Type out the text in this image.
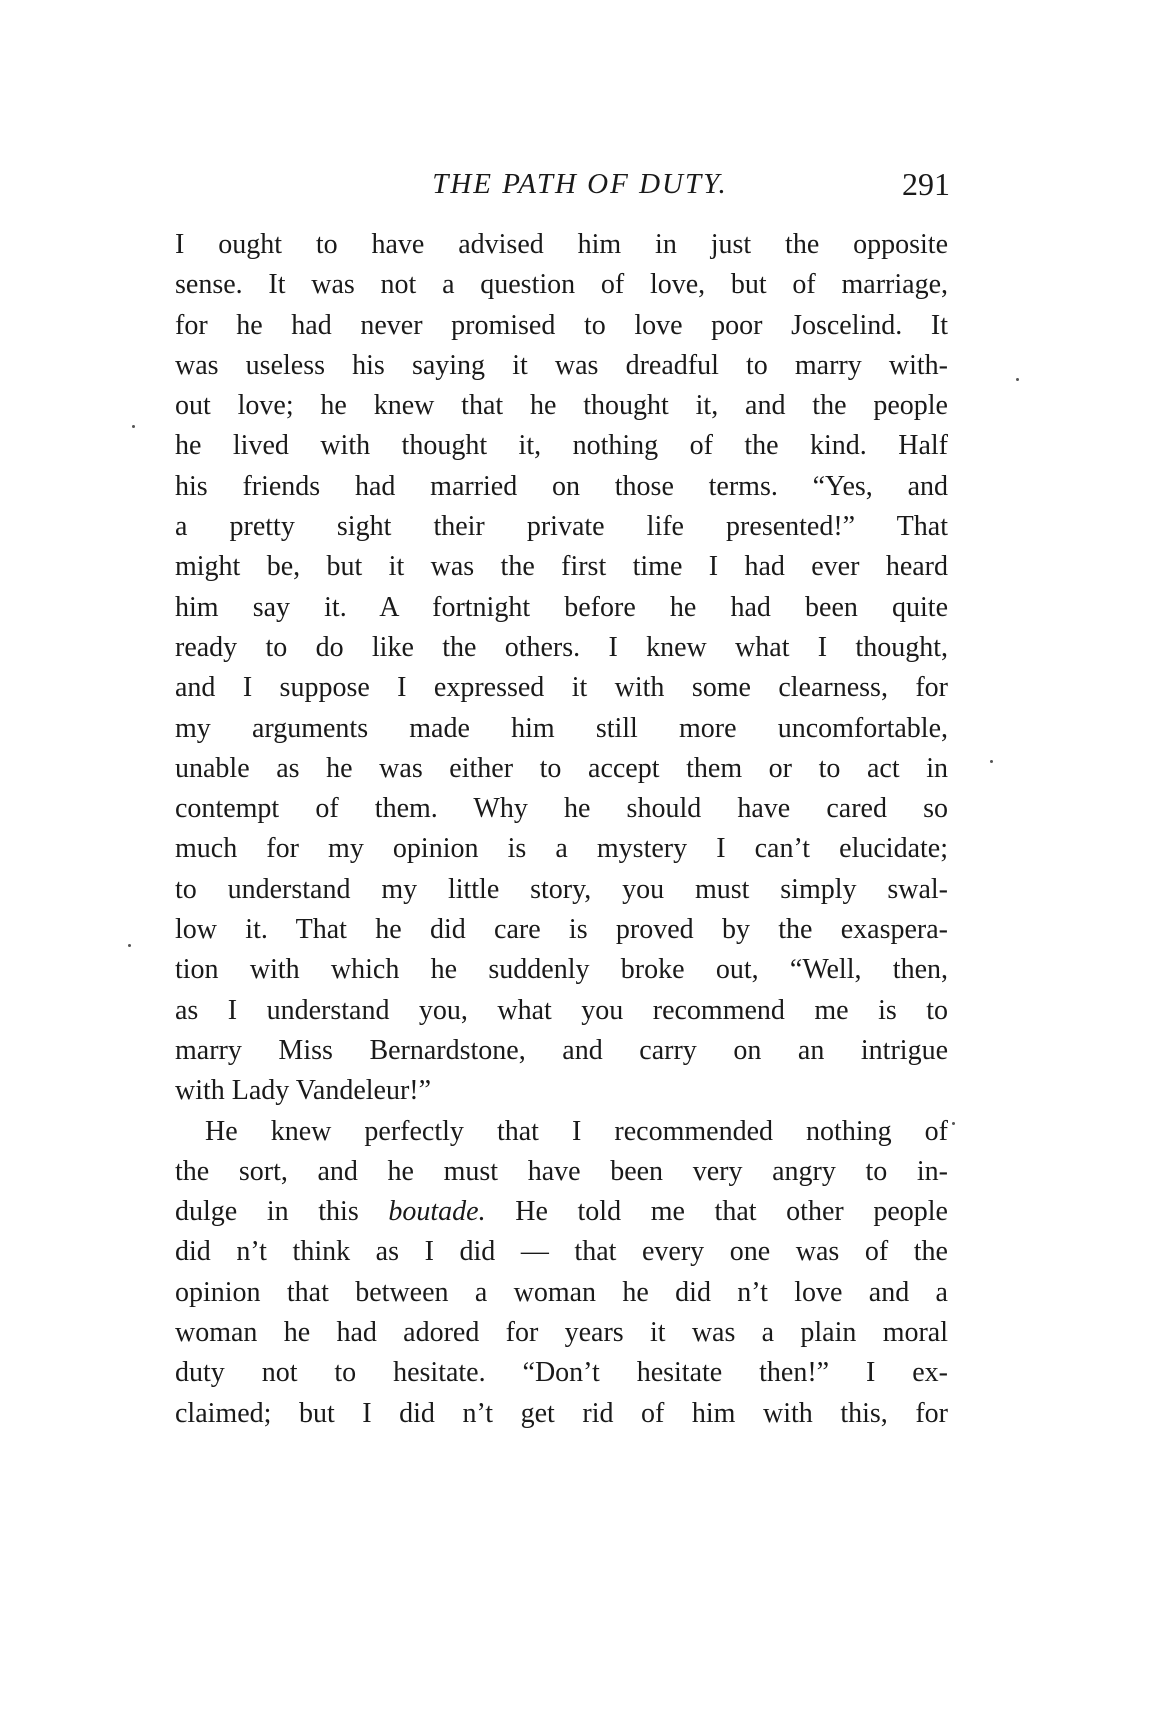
THE PATH OF DUTY.	291
I ought to have advised him in just the opposite
sense. It was not a question of love, but of marriage,
for he had never promised to love poor Joscelind. It
was useless his saying it was dreadful to marry with-
out love; he knew that he thought it, and the people
he lived with thought it, nothing of the kind. Half
his friends had married on those terms. “Yes, and
a pretty sight their private life presented!” That
might be, but it was the first time I had ever heard
him say it. A fortnight before he had been quite
ready to do like the others. I knew what I thought,
and I suppose I expressed it with some clearness, for
my arguments made him still more uncomfortable,
unable as he was either to accept them or to act in
contempt of them. Why he should have cared so
much for my opinion is a mystery I can’t elucidate;
to understand my little story, you must simply swal-
low it. That he did care is proved by the exaspera-
tion with which he suddenly broke out, “Well, then,
as I understand you, what you recommend me is to
marry Miss Bernardstone, and carry on an intrigue
with Lady Vandeleur!”
He knew perfectly that I recommended nothing of
the sort, and he must have been very angry to in-
dulge in this boutade. He told me that other people
did n’t think as I did — that every one was of the
opinion that between a woman he did n’t love and a
woman he had adored for years it was a plain moral
duty not to hesitate. “Don’t hesitate then!” I ex-
claimed; but I did n’t get rid of him with this, for
